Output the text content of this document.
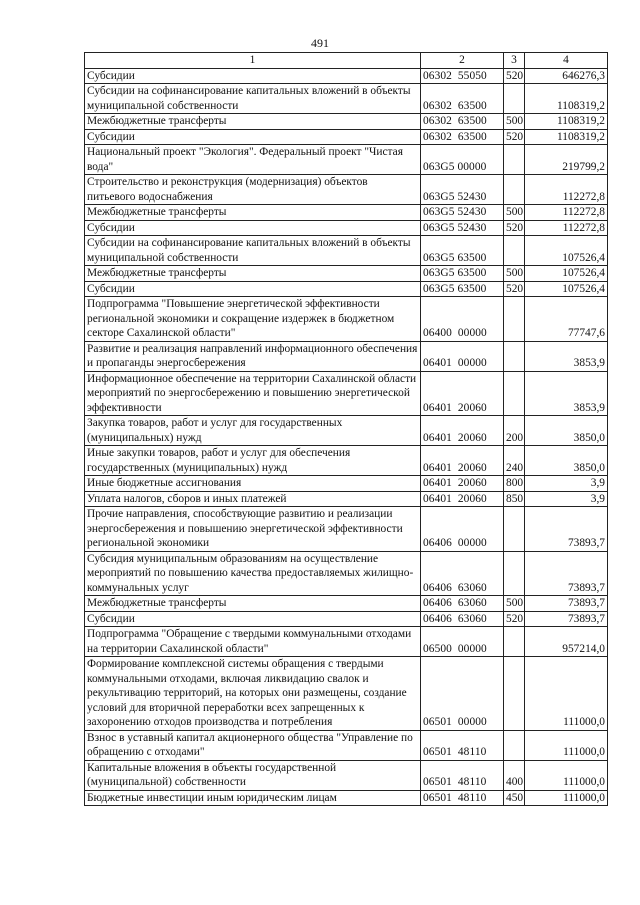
491
1	2	3	4
Субсидии	06302  55050	520	646276,3
Субсидии на софинансирование капитальных вложений в объекты муниципальной собственности	06302  63500		1108319,2
Межбюджетные трансферты	06302  63500	500	1108319,2
Субсидии	06302  63500	520	1108319,2
Национальный проект "Экология". Федеральный проект "Чистая вода"	063G5 00000		219799,2
Строительство и реконструкция (модернизация) объектов питьевого водоснабжения	063G5 52430		112272,8
Межбюджетные трансферты	063G5 52430	500	112272,8
Субсидии	063G5 52430	520	112272,8
Субсидии на софинансирование капитальных вложений в объекты муниципальной собственности	063G5 63500		107526,4
Межбюджетные трансферты	063G5 63500	500	107526,4
Субсидии	063G5 63500	520	107526,4
Подпрограмма "Повышение энергетической эффективности региональной экономики и сокращение издержек в бюджетном секторе Сахалинской области"	06400  00000		77747,6
Развитие и реализация направлений информационного обеспечения и пропаганды энергосбережения	06401  00000		3853,9
Информационное обеспечение на территории Сахалинской области мероприятий по энергосбережению и повышению энергетической эффективности	06401  20060		3853,9
Закупка товаров, работ и услуг для государственных (муниципальных) нужд	06401  20060	200	3850,0
Иные закупки товаров, работ и услуг для обеспечения государственных (муниципальных) нужд	06401  20060	240	3850,0
Иные бюджетные ассигнования	06401  20060	800	3,9
Уплата налогов, сборов и иных платежей	06401  20060	850	3,9
Прочие направления, способствующие развитию и реализации энергосбережения и повышению энергетической эффективности региональной экономики	06406  00000		73893,7
Субсидия муниципальным образованиям на осуществление мероприятий по повышению качества предоставляемых жилищно-коммунальных услуг	06406  63060		73893,7
Межбюджетные трансферты	06406  63060	500	73893,7
Субсидии	06406  63060	520	73893,7
Подпрограмма "Обращение с твердыми коммунальными отходами на территории Сахалинской области"	06500  00000		957214,0
Формирование комплексной системы обращения с твердыми коммунальными отходами, включая ликвидацию свалок и рекультивацию территорий, на которых они размещены, создание условий для вторичной переработки всех запрещенных к захоронению отходов производства и потребления	06501  00000		111000,0
Взнос в уставный капитал акционерного общества "Управление по обращению с отходами"	06501  48110		111000,0
Капитальные вложения в объекты государственной (муниципальной) собственности	06501  48110	400	111000,0
Бюджетные инвестиции иным юридическим лицам	06501  48110	450	111000,0
